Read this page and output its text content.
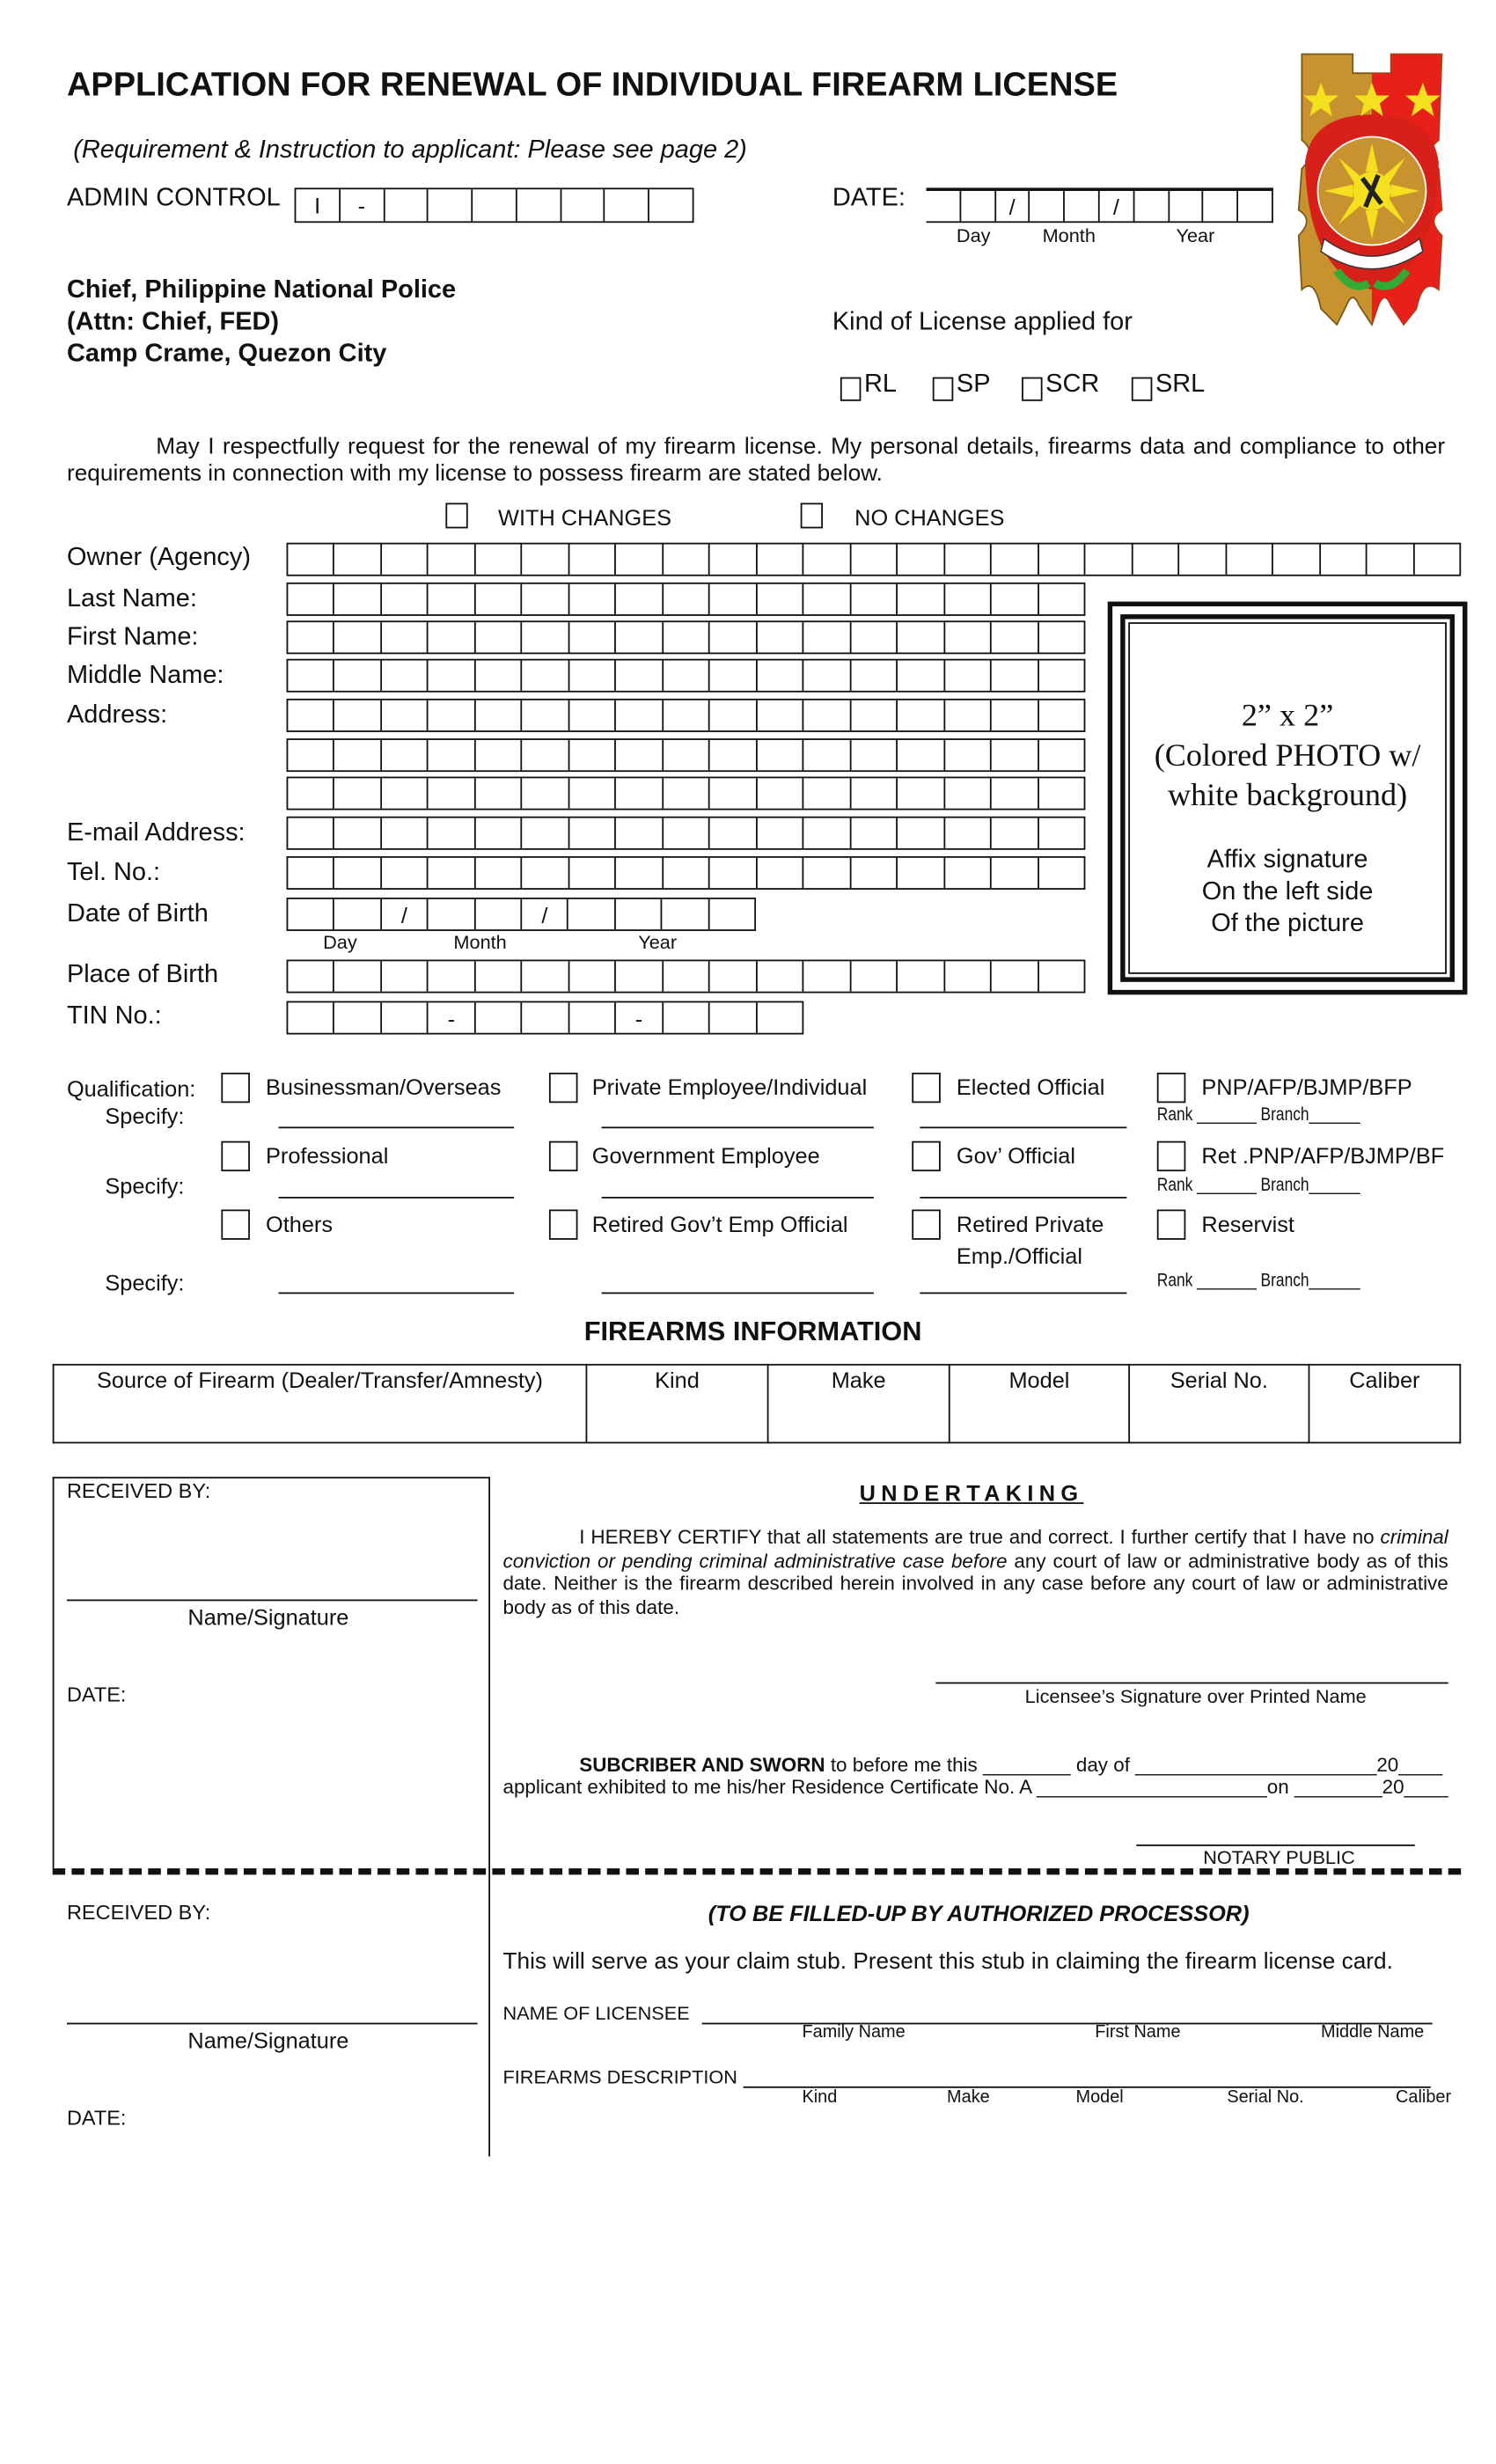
APPLICATION FOR RENEWAL OF INDIVIDUAL FIREARM LICENSE
(Requirement & Instruction to applicant: Please see page 2)
ADMIN CONTROL	I	-	DATE:	/	/
Day	Month	Year
Chief, Philippine National Police
(Attn: Chief, FED)
Camp Crame, Quezon City
Kind of License applied for
RL	SP	SCR	SRL
May I respectfully request for the renewal of my firearm license. My personal details, firearms data and compliance to other requirements in connection with my license to possess firearm are stated below.
WITH CHANGES	NO CHANGES
Owner (Agency)
Last Name:
First Name:
Middle Name:
Address:
E-mail Address:
Tel. No.:
Date of Birth	/	/
Day	Month	Year
Place of Birth
TIN No.:	-	-
2” x 2”
(Colored PHOTO w/
white background)
Affix signature
On the left side
Of the picture
Qualification:	Businessman/Overseas	Private Employee/Individual	Elected Official	PNP/AFP/BJMP/BFP
Rank _______ Branch______
Professional	Government Employee	Gov’ Official	Ret .PNP/AFP/BJMP/BF
Rank _______ Branch______
Others	Retired Gov’t Emp Official	Retired Private	Reservist
Rank _______ Branch______
Specify:
Specify:
Specify:
Emp./Official
FIREARMS INFORMATION
Source of Firearm (Dealer/Transfer/Amnesty)	Kind	Make	Model	Serial No.	Caliber
RECEIVED BY:
Name/Signature
DATE:
UNDERTAKING
I HEREBY CERTIFY that all statements are true and correct. I further certify that I have no criminal conviction or pending criminal administrative case before any court of law or administrative body as of this date. Neither is the firearm described herein involved in any case before any court of law or administrative body as of this date.
Licensee’s Signature over Printed Name
SUBCRIBER AND SWORN to before me this ________ day of ______________________20____
applicant exhibited to me his/her Residence Certificate No. A _____________________on ________20____
NOTARY PUBLIC
RECEIVED BY:
Name/Signature
DATE:
(TO BE FILLED-UP BY AUTHORIZED PROCESSOR)
This will serve as your claim stub. Present this stub in claiming the firearm license card.
NAME OF LICENSEE
Family Name	First Name	Middle Name
FIREARMS DESCRIPTION
Kind	Make	Model	Serial No.	Caliber
